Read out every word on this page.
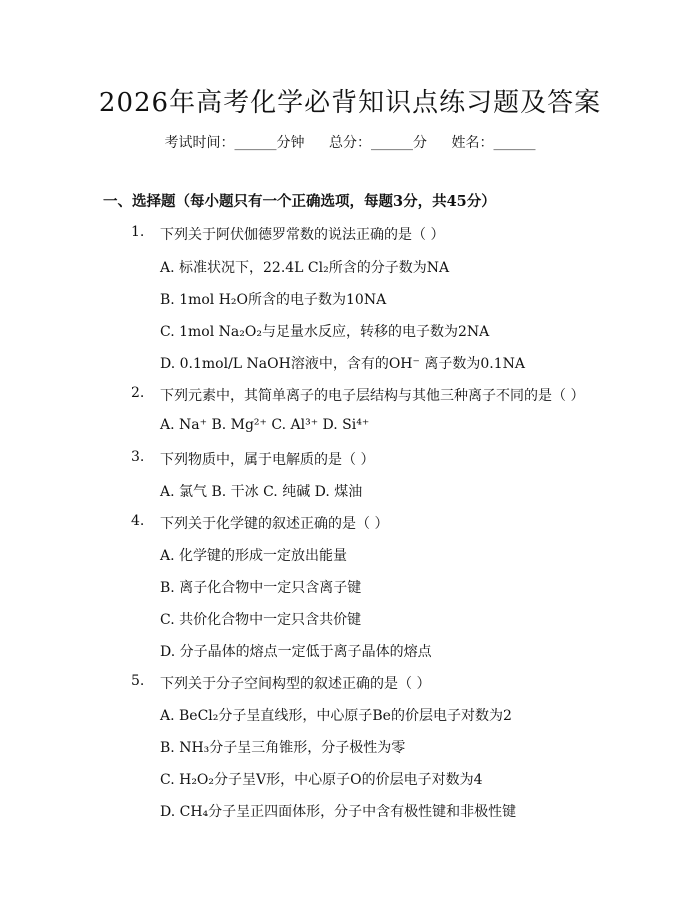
2026年高考化学必背知识点练习题及答案
考试时间：______分钟 总分：______分 姓名：______
一、选择题（每小题只有一个正确选项，每题3分，共45分）
1. 下列关于阿伏伽德罗常数的说法正确的是（ ）
A. 标准状况下，22.4L Cl₂所含的分子数为NA
B. 1mol H₂O所含的电子数为10NA
C. 1mol Na₂O₂与足量水反应，转移的电子数为2NA
D. 0.1mol/L NaOH溶液中，含有的OH⁻ 离子数为0.1NA
2. 下列元素中，其简单离子的电子层结构与其他三种离子不同的是（ ）
A. Na⁺ B. Mg²⁺ C. Al³⁺ D. Si⁴⁺
3. 下列物质中，属于电解质的是（ ）
A. 氯气 B. 干冰 C. 纯碱 D. 煤油
4. 下列关于化学键的叙述正确的是（ ）
A. 化学键的形成一定放出能量
B. 离子化合物中一定只含离子键
C. 共价化合物中一定只含共价键
D. 分子晶体的熔点一定低于离子晶体的熔点
5. 下列关于分子空间构型的叙述正确的是（ ）
A. BeCl₂分子呈直线形，中心原子Be的价层电子对数为2
B. NH₃分子呈三角锥形，分子极性为零
C. H₂O₂分子呈V形，中心原子O的价层电子对数为4
D. CH₄分子呈正四面体形，分子中含有极性键和非极性键
